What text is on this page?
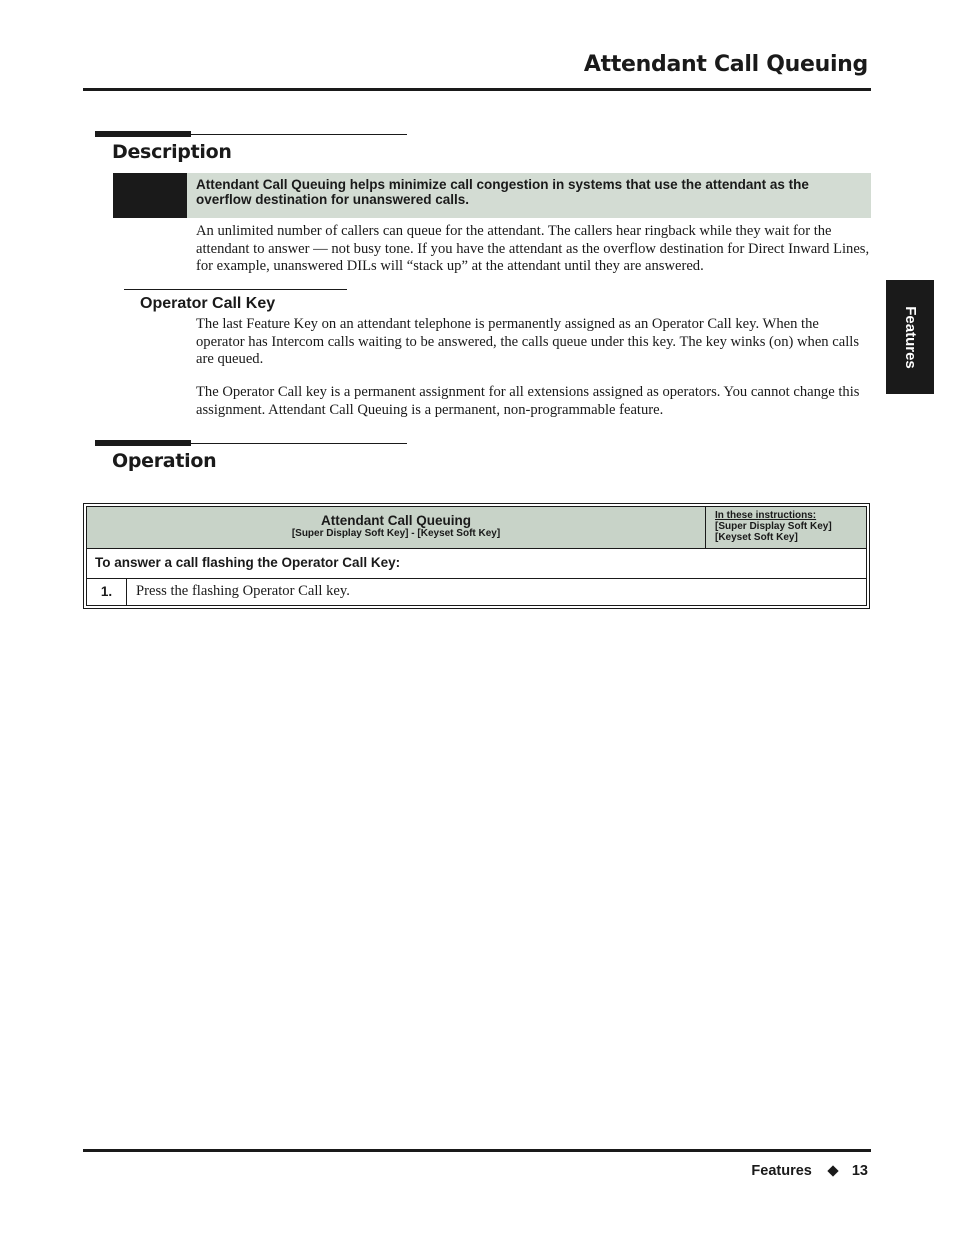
Attendant Call Queuing
Features
Description
Attendant Call Queuing helps minimize call congestion in systems that use the attendant as the overflow destination for unanswered calls.

An unlimited number of callers can queue for the attendant. The callers hear ringback while they wait for the attendant to answer — not busy tone. If you have the attendant as the overflow destination for Direct Inward Lines, for example, unanswered DILs will “stack up” at the attendant until they are answered.

Operator Call Key

The last Feature Key on an attendant telephone is permanently assigned as an Operator Call key. When the operator has Intercom calls waiting to be answered, the calls queue under this key. The key winks (on) when calls are queued.

The Operator Call key is a permanent assignment for all extensions assigned as operators. You cannot change this assignment. Attendant Call Queuing is a permanent, non-programmable feature.

Operation
Attendant Call Queuing
[Super Display Soft Key] - [Keyset Soft Key]
In these instructions:
[Super Display Soft Key]
[Keyset Soft Key]
To answer a call flashing the Operator Call Key:
1.	Press the flashing Operator Call key.
Features	13
